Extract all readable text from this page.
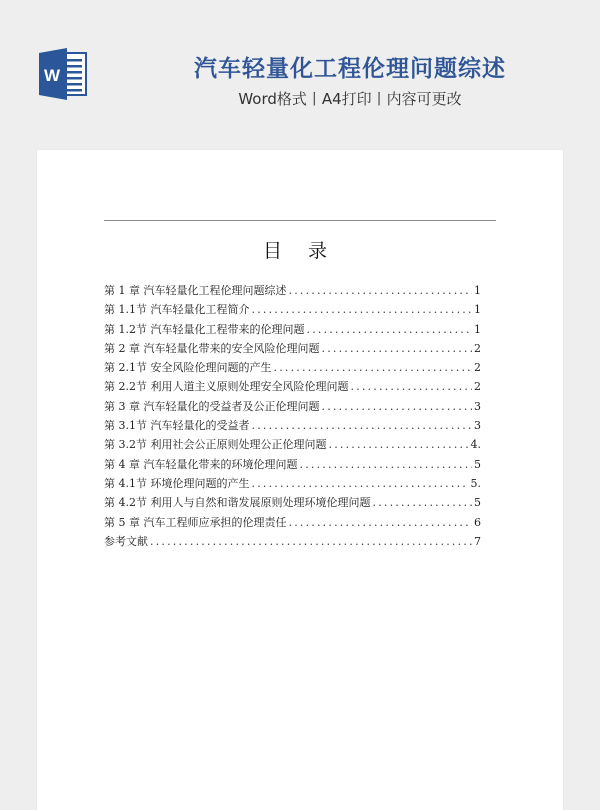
W	汽车轻量化工程伦理问题综述
Word格式丨A4打印丨内容可更改
目 录
第 1 章 汽车轻量化工程伦理问题综述 .....	1
第 1.1节 汽车轻量化工程简介 .....	1
第 1.2节 汽车轻量化工程带来的伦理问题 .....	1
第 2 章 汽车轻量化带来的安全风险伦理问题 .....	2
第 2.1节 安全风险伦理问题的产生 .....	2
第 2.2节 利用人道主义原则处理安全风险伦理问题 .....	2
第 3 章 汽车轻量化的受益者及公正伦理问题 .....	3
第 3.1节 汽车轻量化的受益者 .....	3
第 3.2节 利用社会公正原则处理公正伦理问题 .....	4.
第 4 章 汽车轻量化带来的环境伦理问题 .....	5
第 4.1节 环境伦理问题的产生 .....	5.
第 4.2节 利用人与自然和谐发展原则处理环境伦理问题 .....	5
第 5 章 汽车工程师应承担的伦理责任 .....	6
参考文献 .....	7
